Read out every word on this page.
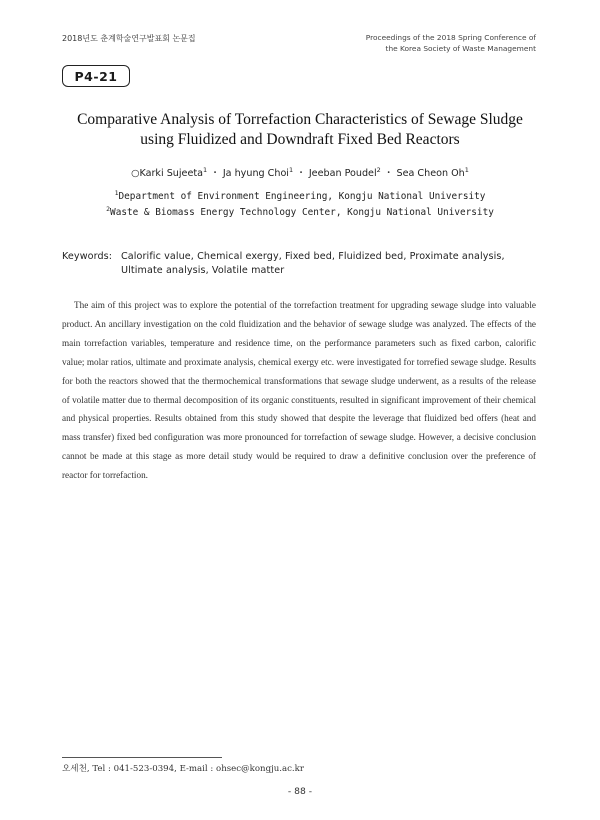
2018년도 춘계학술연구발표회 논문집	Proceedings of the 2018 Spring Conference of
the Korea Society of Waste Management
P4-21
Comparative Analysis of Torrefaction Characteristics of Sewage Sludge
using Fluidized and Downdraft Fixed Bed Reactors
○Karki Sujeeta$^1$ ・ Ja hyung Choi$^1$ ・ Jeeban Poudel$^2$ ・ Sea Cheon Oh$^1$
$^1$Department of Environment Engineering, Kongju National University
$^2$Waste & Biomass Energy Technology Center, Kongju National University
Keywords: Calorific value, Chemical exergy, Fixed bed, Fluidized bed, Proximate analysis, Ultimate analysis, Volatile matter
The aim of this project was to explore the potential of the torrefaction treatment for upgrading sewage sludge into valuable product. An ancillary investigation on the cold fluidization and the behavior of sewage sludge was analyzed. The effects of the main torrefaction variables, temperature and residence time, on the performance parameters such as fixed carbon, calorific value; molar ratios, ultimate and proximate analysis, chemical exergy etc. were investigated for torrefied sewage sludge. Results for both the reactors showed that the thermochemical transformations that sewage sludge underwent, as a results of the release of volatile matter due to thermal decomposition of its organic constituents, resulted in significant improvement of their chemical and physical properties. Results obtained from this study showed that despite the leverage that fluidized bed offers (heat and mass transfer) fixed bed configuration was more pronounced for torrefaction of sewage sludge. However, a decisive conclusion cannot be made at this stage as more detail study would be required to draw a definitive conclusion over the preference of reactor for torrefaction.
오세천, Tel : 041-523-0394, E-mail : ohsec@kongju.ac.kr
- 88 -
